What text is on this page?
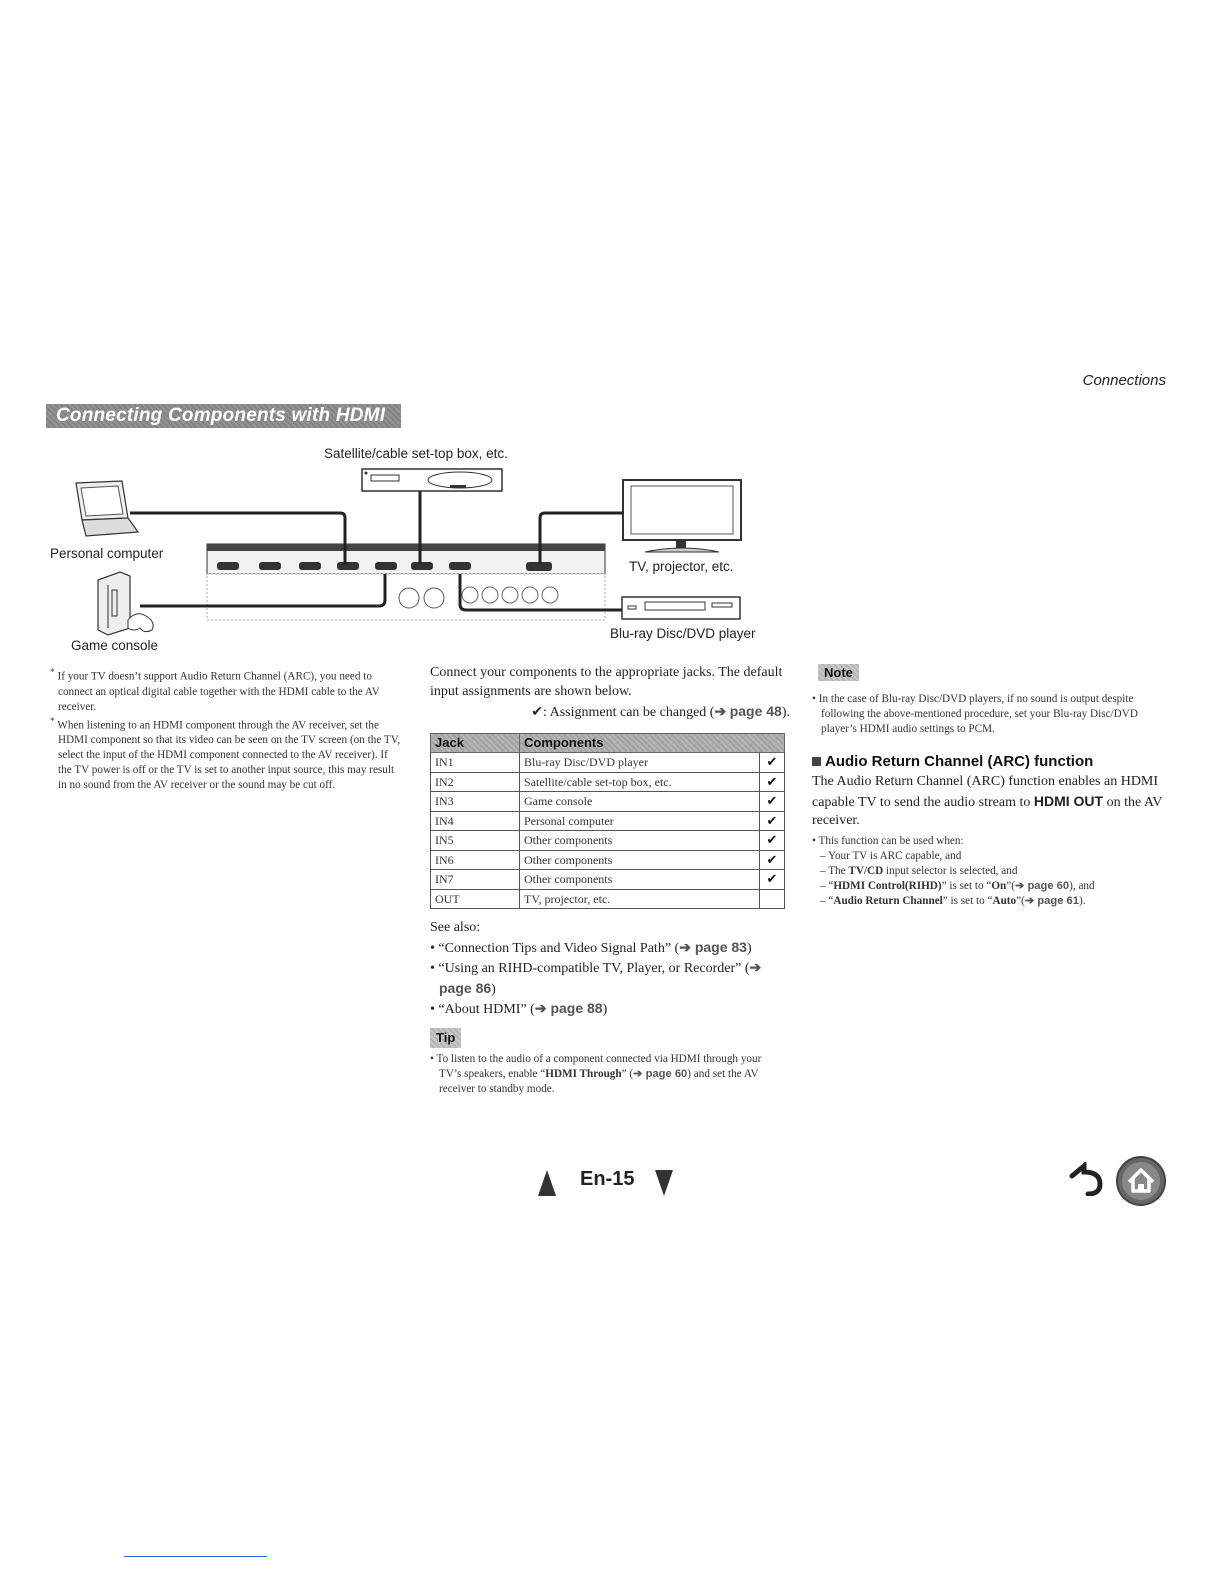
Connections
Connecting Components with HDMI
Satellite/cable set-top box, etc.
Personal computer
Game console
TV, projector, etc.
Blu-ray Disc/DVD player

* If your TV doesn’t support Audio Return Channel (ARC), you need to connect an optical digital cable together with the HDMI cable to the AV receiver.

* When listening to an HDMI component through the AV receiver, set the HDMI component so that its video can be seen on the TV screen (on the TV, select the input of the HDMI component connected to the AV receiver). If the TV power is off or the TV is set to another input source, this may result in no sound from the AV receiver or the sound may be cut off.

Connect your components to the appropriate jacks. The default input assignments are shown below.
✔: Assignment can be changed (➔ page 48).
Jack	Components	
IN1	Blu-ray Disc/DVD player	✔
IN2	Satellite/cable set-top box, etc.	✔
IN3	Game console	✔
IN4	Personal computer	✔
IN5	Other components	✔
IN6	Other components	✔
IN7	Other components	✔
OUT	TV, projector, etc.	
See also:
• “Connection Tips and Video Signal Path” (➔ page 83)
• “Using an RIHD-compatible TV, Player, or Recorder” (➔ page 86)
• “About HDMI” (➔ page 88)
Tip
• To listen to the audio of a component connected via HDMI through your TV’s speakers, enable “HDMI Through” (➔ page 60) and set the AV receiver to standby mode.
Note
• In the case of Blu-ray Disc/DVD players, if no sound is output despite following the above-mentioned procedure, set your Blu-ray Disc/DVD player’s HDMI audio settings to PCM.
Audio Return Channel (ARC) function
The Audio Return Channel (ARC) function enables an HDMI capable TV to send the audio stream to HDMI OUT on the AV receiver.
• This function can be used when:
– Your TV is ARC capable, and
– The TV/CD input selector is selected, and
– “HDMI Control(RIHD)” is set to “On”(➔ page 60), and
– “Audio Return Channel” is set to “Auto”(➔ page 61).
En-15
